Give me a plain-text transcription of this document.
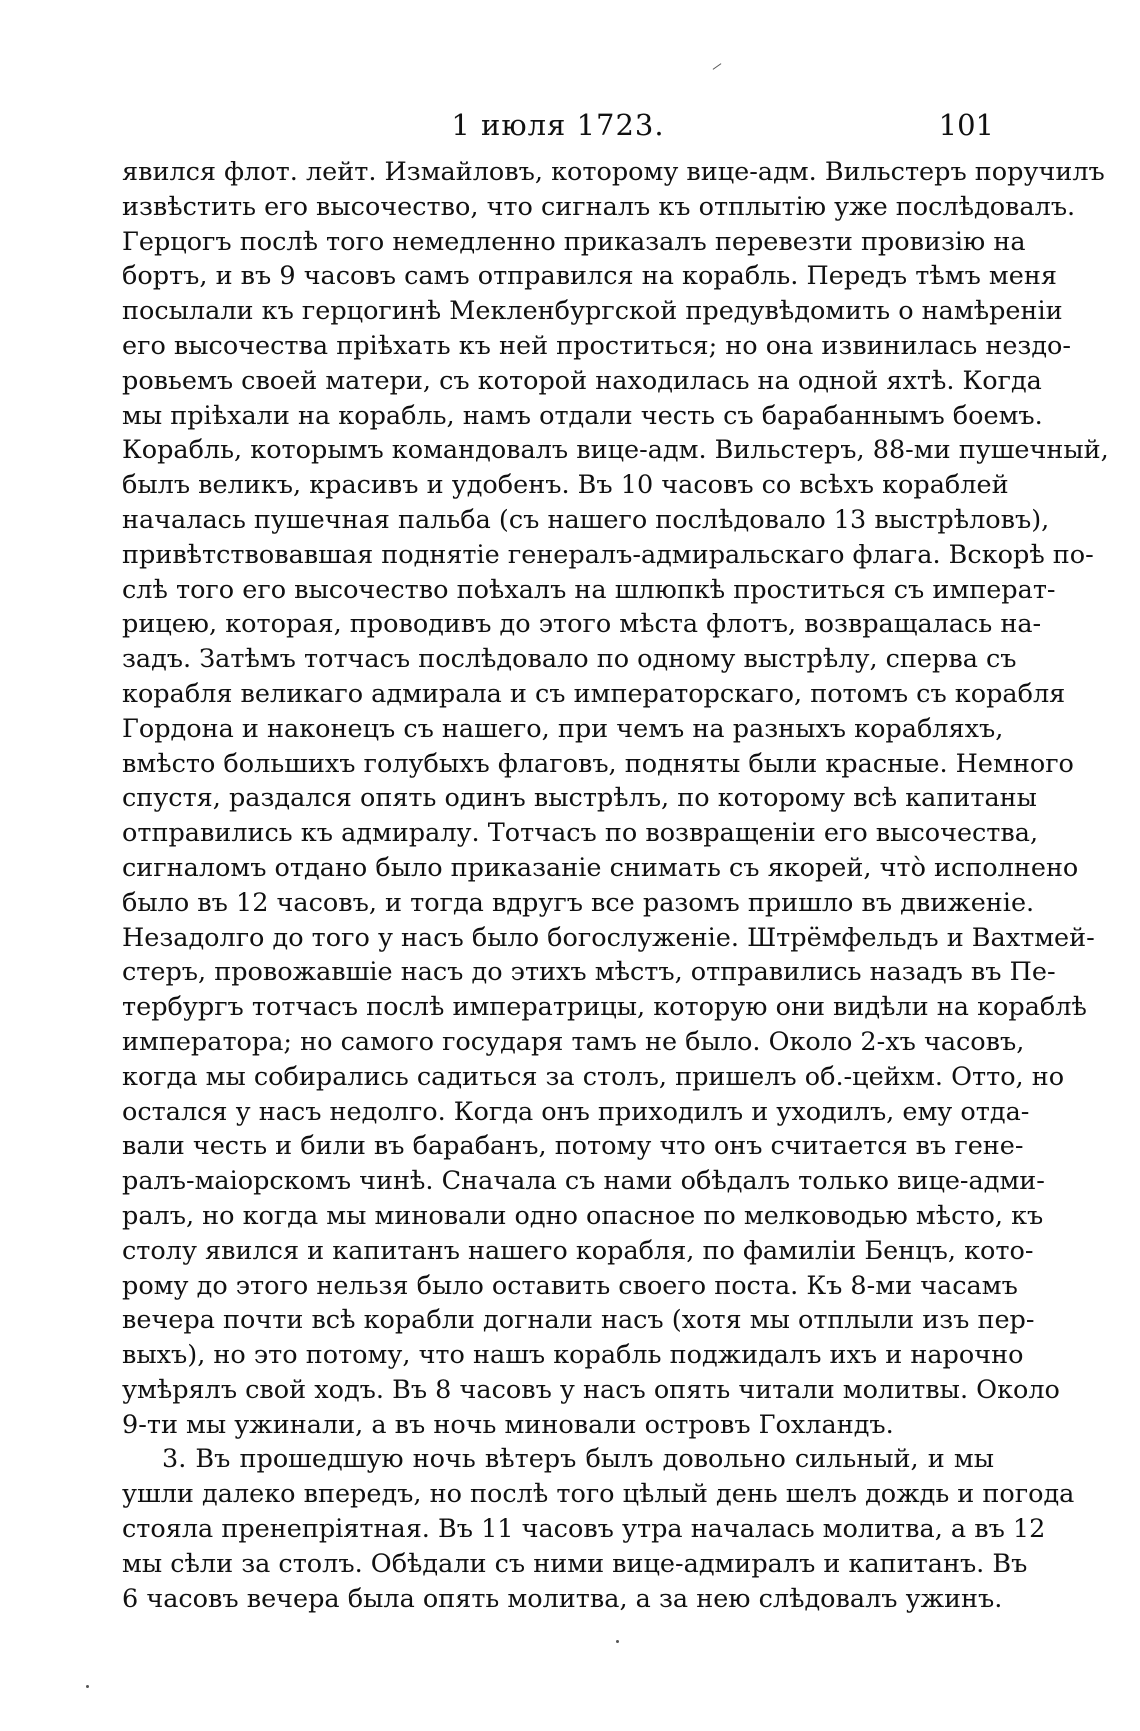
1 июля 1723.	101
явился флот. лейт. Измайловъ, которому вице-адм. Вильстеръ поручилъ
извѣстить его высочество, что сигналъ къ отплытію уже послѣдовалъ.
Герцогъ послѣ того немедленно приказалъ перевезти провизію на
бортъ, и въ 9 часовъ самъ отправился на корабль. Передъ тѣмъ меня
посылали къ герцогинѣ Мекленбургской предувѣдомить о намѣреніи
его высочества пріѣхать къ ней проститься; но она извинилась нездо-
ровьемъ своей матери, съ которой находилась на одной яхтѣ. Когда
мы пріѣхали на корабль, намъ отдали честь съ барабаннымъ боемъ.
Корабль, которымъ командовалъ вице-адм. Вильстеръ, 88-ми пушечный,
былъ великъ, красивъ и удобенъ. Въ 10 часовъ со всѣхъ кораблей
началась пушечная пальба (съ нашего послѣдовало 13 выстрѣловъ),
привѣтствовавшая поднятіе генералъ-адмиральскаго флага. Вскорѣ по-
слѣ того его высочество поѣхалъ на шлюпкѣ проститься съ императ-
рицею, которая, проводивъ до этого мѣста флотъ, возвращалась на-
задъ. Затѣмъ тотчасъ послѣдовало по одному выстрѣлу, сперва съ
корабля великаго адмирала и съ императорскаго, потомъ съ корабля
Гордона и наконецъ съ нашего, при чемъ на разныхъ корабляхъ,
вмѣсто большихъ голубыхъ флаговъ, подняты были красные. Немного
спустя, раздался опять одинъ выстрѣлъ, по которому всѣ капитаны
отправились къ адмиралу. Тотчасъ по возвращеніи его высочества,
сигналомъ отдано было приказаніе снимать съ якорей, что̀ исполнено
было въ 12 часовъ, и тогда вдругъ все разомъ пришло въ движеніе.
Незадолго до того у насъ было богослуженіе. Штрёмфельдъ и Вахтмей-
стеръ, провожавшіе насъ до этихъ мѣстъ, отправились назадъ въ Пе-
тербургъ тотчасъ послѣ императрицы, которую они видѣли на кораблѣ
императора; но самого государя тамъ не было. Около 2-хъ часовъ,
когда мы собирались садиться за столъ, пришелъ об.-цейхм. Отто, но
остался у насъ недолго. Когда онъ приходилъ и уходилъ, ему отда-
вали честь и били въ барабанъ, потому что онъ считается въ гене-
ралъ-маіорскомъ чинѣ. Сначала съ нами обѣдалъ только вице-адми-
ралъ, но когда мы миновали одно опасное по мелководью мѣсто, къ
столу явился и капитанъ нашего корабля, по фамиліи Бенцъ, кото-
рому до этого нельзя было оставить своего поста. Къ 8-ми часамъ
вечера почти всѣ корабли догнали насъ (хотя мы отплыли изъ пер-
выхъ), но это потому, что нашъ корабль поджидалъ ихъ и нарочно
умѣрялъ свой ходъ. Въ 8 часовъ у насъ опять читали молитвы. Около
9-ти мы ужинали, а въ ночь миновали островъ Гохландъ.
3. Въ прошедшую ночь вѣтеръ былъ довольно сильный, и мы
ушли далеко впередъ, но послѣ того цѣлый день шелъ дождь и погода
стояла пренепріятная. Въ 11 часовъ утра началась молитва, а въ 12
мы сѣли за столъ. Обѣдали съ ними вице-адмиралъ и капитанъ. Въ
6 часовъ вечера была опять молитва, а за нею слѣдовалъ ужинъ.
